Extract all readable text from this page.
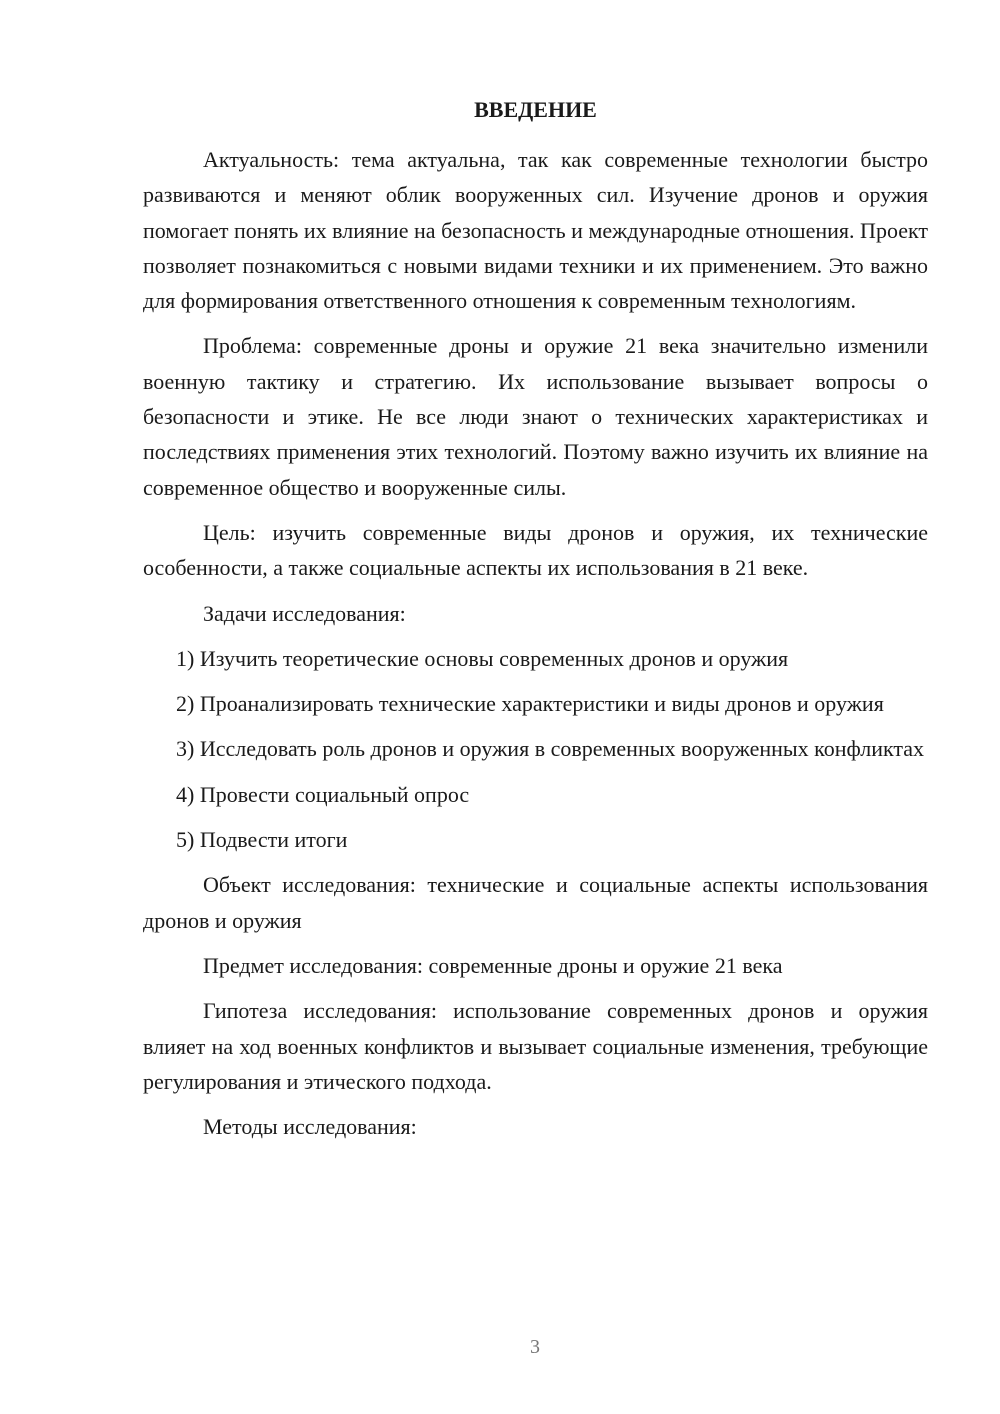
ВВЕДЕНИЕ

Актуальность: тема актуальна, так как современные технологии быстро развиваются и меняют облик вооруженных сил. Изучение дронов и оружия помогает понять их влияние на безопасность и международные отношения. Проект позволяет познакомиться с новыми видами техники и их применением. Это важно для формирования ответственного отношения к современным технологиям.

Проблема: современные дроны и оружие 21 века значительно изменили военную тактику и стратегию. Их использование вызывает вопросы о безопасности и этике. Не все люди знают о технических характеристиках и последствиях применения этих технологий. Поэтому важно изучить их влияние на современное общество и вооруженные силы.

Цель: изучить современные виды дронов и оружия, их технические особенности, а также социальные аспекты их использования в 21 веке.

Задачи исследования:

1) Изучить теоретические основы современных дронов и оружия

2) Проанализировать технические характеристики и виды дронов и оружия

3) Исследовать роль дронов и оружия в современных вооруженных конфликтах

4) Провести социальный опрос

5) Подвести итоги

Объект исследования: технические и социальные аспекты использования дронов и оружия

Предмет исследования: современные дроны и оружие 21 века

Гипотеза исследования: использование современных дронов и оружия влияет на ход военных конфликтов и вызывает социальные изменения, требующие регулирования и этического подхода.

Методы исследования:

3
